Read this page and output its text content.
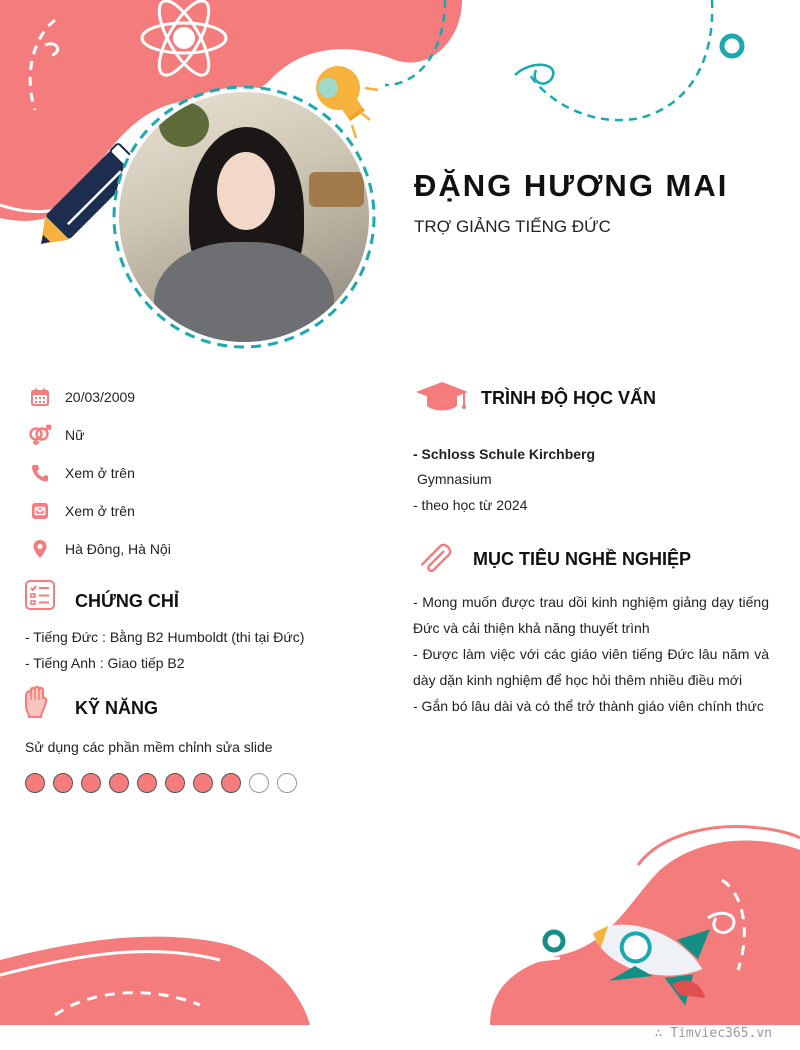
ĐẶNG HƯƠNG MAI
TRỢ GIẢNG TIẾNG ĐỨC
20/03/2009
Nữ
Xem ở trên
Xem ở trên
Hà Đông, Hà Nội
CHỨNG CHỈ
- Tiếng Đức : Bằng B2 Humboldt (thi tại Đức)
- Tiếng Anh : Giao tiếp B2
KỸ NĂNG
Sử dụng các phần mềm chỉnh sửa slide
TRÌNH ĐỘ HỌC VẤN
- Schloss Schule Kirchberg
Gymnasium
- theo học từ 2024
MỤC TIÊU NGHỀ NGHIỆP
- Mong muốn được trau dồi kinh nghiệm giảng dạy tiếng Đức và cải thiện khả năng thuyết trình
- Được làm việc với các giáo viên tiếng Đức lâu năm và dày dặn kinh nghiệm để học hỏi thêm nhiều điều mới
- Gắn bó lâu dài và có thể trở thành giáo viên chính thức
∴ Timviec365.vn
